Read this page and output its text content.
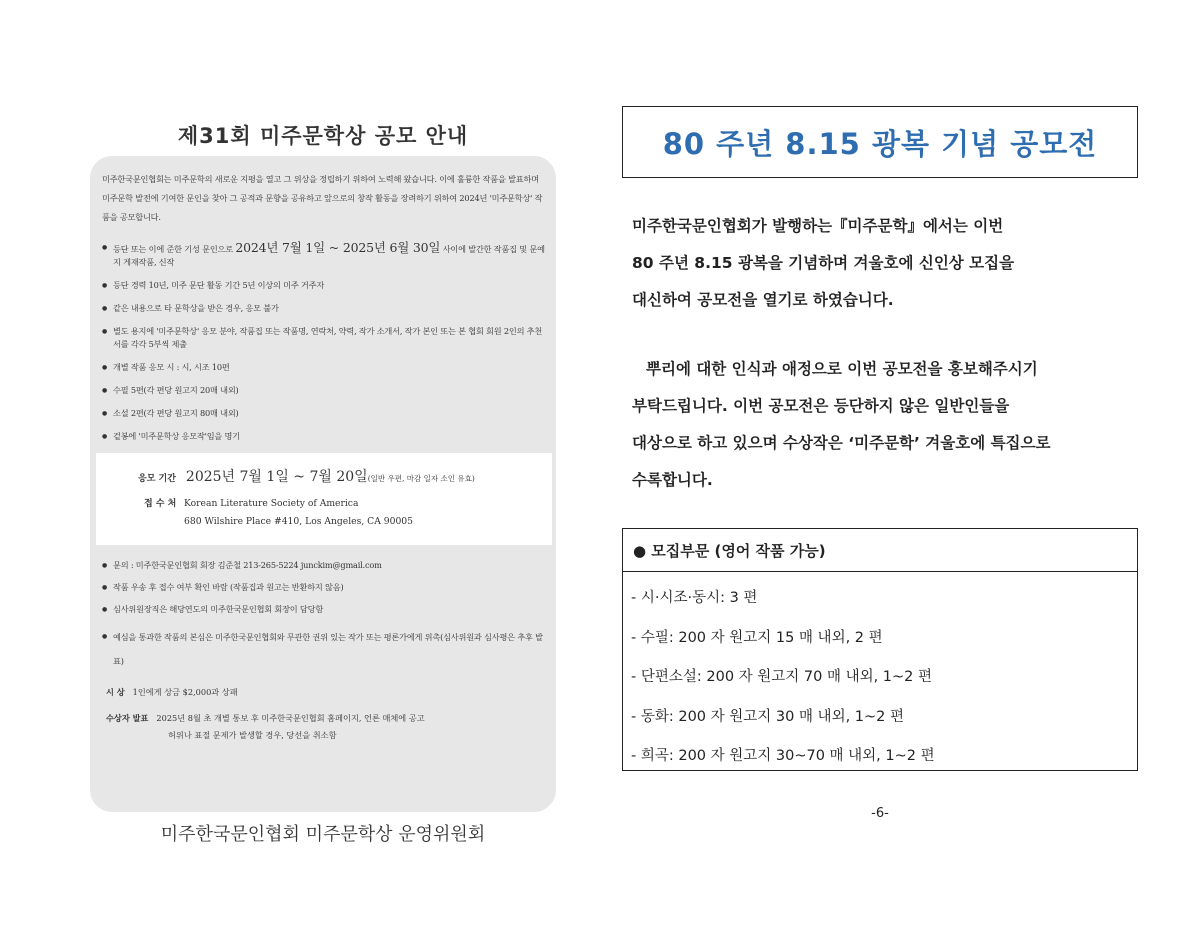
제31회 미주문학상 공모 안내

미주한국문인협회는 미주문학의 새로운 지평을 열고 그 위상을 정립하기 위하여 노력해 왔습니다. 이에 훌륭한 작품을 발표하며 미주문학 발전에 기여한 문인을 찾아 그 공적과 문향을 공유하고 앞으로의 창작 활동을 장려하기 위하여 2024년 '미주문학상' 작품을 공모합니다.

● 등단 또는 이에 준한 기성 문인으로 2024년 7월 1일 ~ 2025년 6월 30일 사이에 발간한 작품집 및 문예지 게재작품, 신작
● 등단 경력 10년, 미주 문단 활동 기간 5년 이상의 미주 거주자
● 같은 내용으로 타 문학상을 받은 경우, 응모 불가
● 별도 용지에 '미주문학상' 응모 분야, 작품집 또는 작품명, 연락처, 약력, 작가 소개서, 작가 본인 또는 본 협회 회원 2인의 추천서를 각각 5부씩 제출
● 개별 작품 응모 시 : 시, 시조 10편
● 수필 5편(각 편당 원고지 20매 내외)
● 소설 2편(각 편당 원고지 80매 내외)
● 겉봉에 '미주문학상 응모작'임을 명기
응모 기간 2025년 7월 1일 ~ 7월 20일(일반 우편, 마감 일자 소인 유효)
접 수 처 Korean Literature Society of America
680 Wilshire Place #410, Los Angeles, CA 90005
● 문의 : 미주한국문인협회 회장 김준철 213-265-5224 junckim@gmail.com
● 작품 우송 후 접수 여부 확인 바람 (작품집과 원고는 반환하지 않음)
● 심사위원장직은 해당연도의 미주한국문인협회 회장이 담당함
● 예심을 통과한 작품의 본심은 미주한국문인협회와 무관한 권위 있는 작가 또는 평론가에게 위촉(심사위원과 심사평은 추후 발표)
시 상 1인에게 상금 $2,000과 상패
수상자 발표 2025년 8월 초 개별 통보 후 미주한국문인협회 홈페이지, 언론 매체에 공고
허위나 표절 문제가 발생할 경우, 당선을 취소함
미주한국문인협회 미주문학상 운영위원회
80 주년 8.15 광복 기념 공모전

미주한국문인협회가 발행하는『미주문학』에서는 이번

80 주년 8.15 광복을 기념하며 겨울호에 신인상 모집을

대신하여 공모전을 열기로 하였습니다.

뿌리에 대한 인식과 애정으로 이번 공모전을 홍보해주시기

부탁드립니다. 이번 공모전은 등단하지 않은 일반인들을

대상으로 하고 있으며 수상작은 ‘미주문학’ 겨울호에 특집으로

수록합니다.

● 모집부문 (영어 작품 가능)
- 시·시조·동시: 3 편
- 수필: 200 자 원고지 15 매 내외, 2 편
- 단편소설: 200 자 원고지 70 매 내외, 1~2 편
- 동화: 200 자 원고지 30 매 내외, 1~2 편
- 희곡: 200 자 원고지 30~70 매 내외, 1~2 편
-6-
